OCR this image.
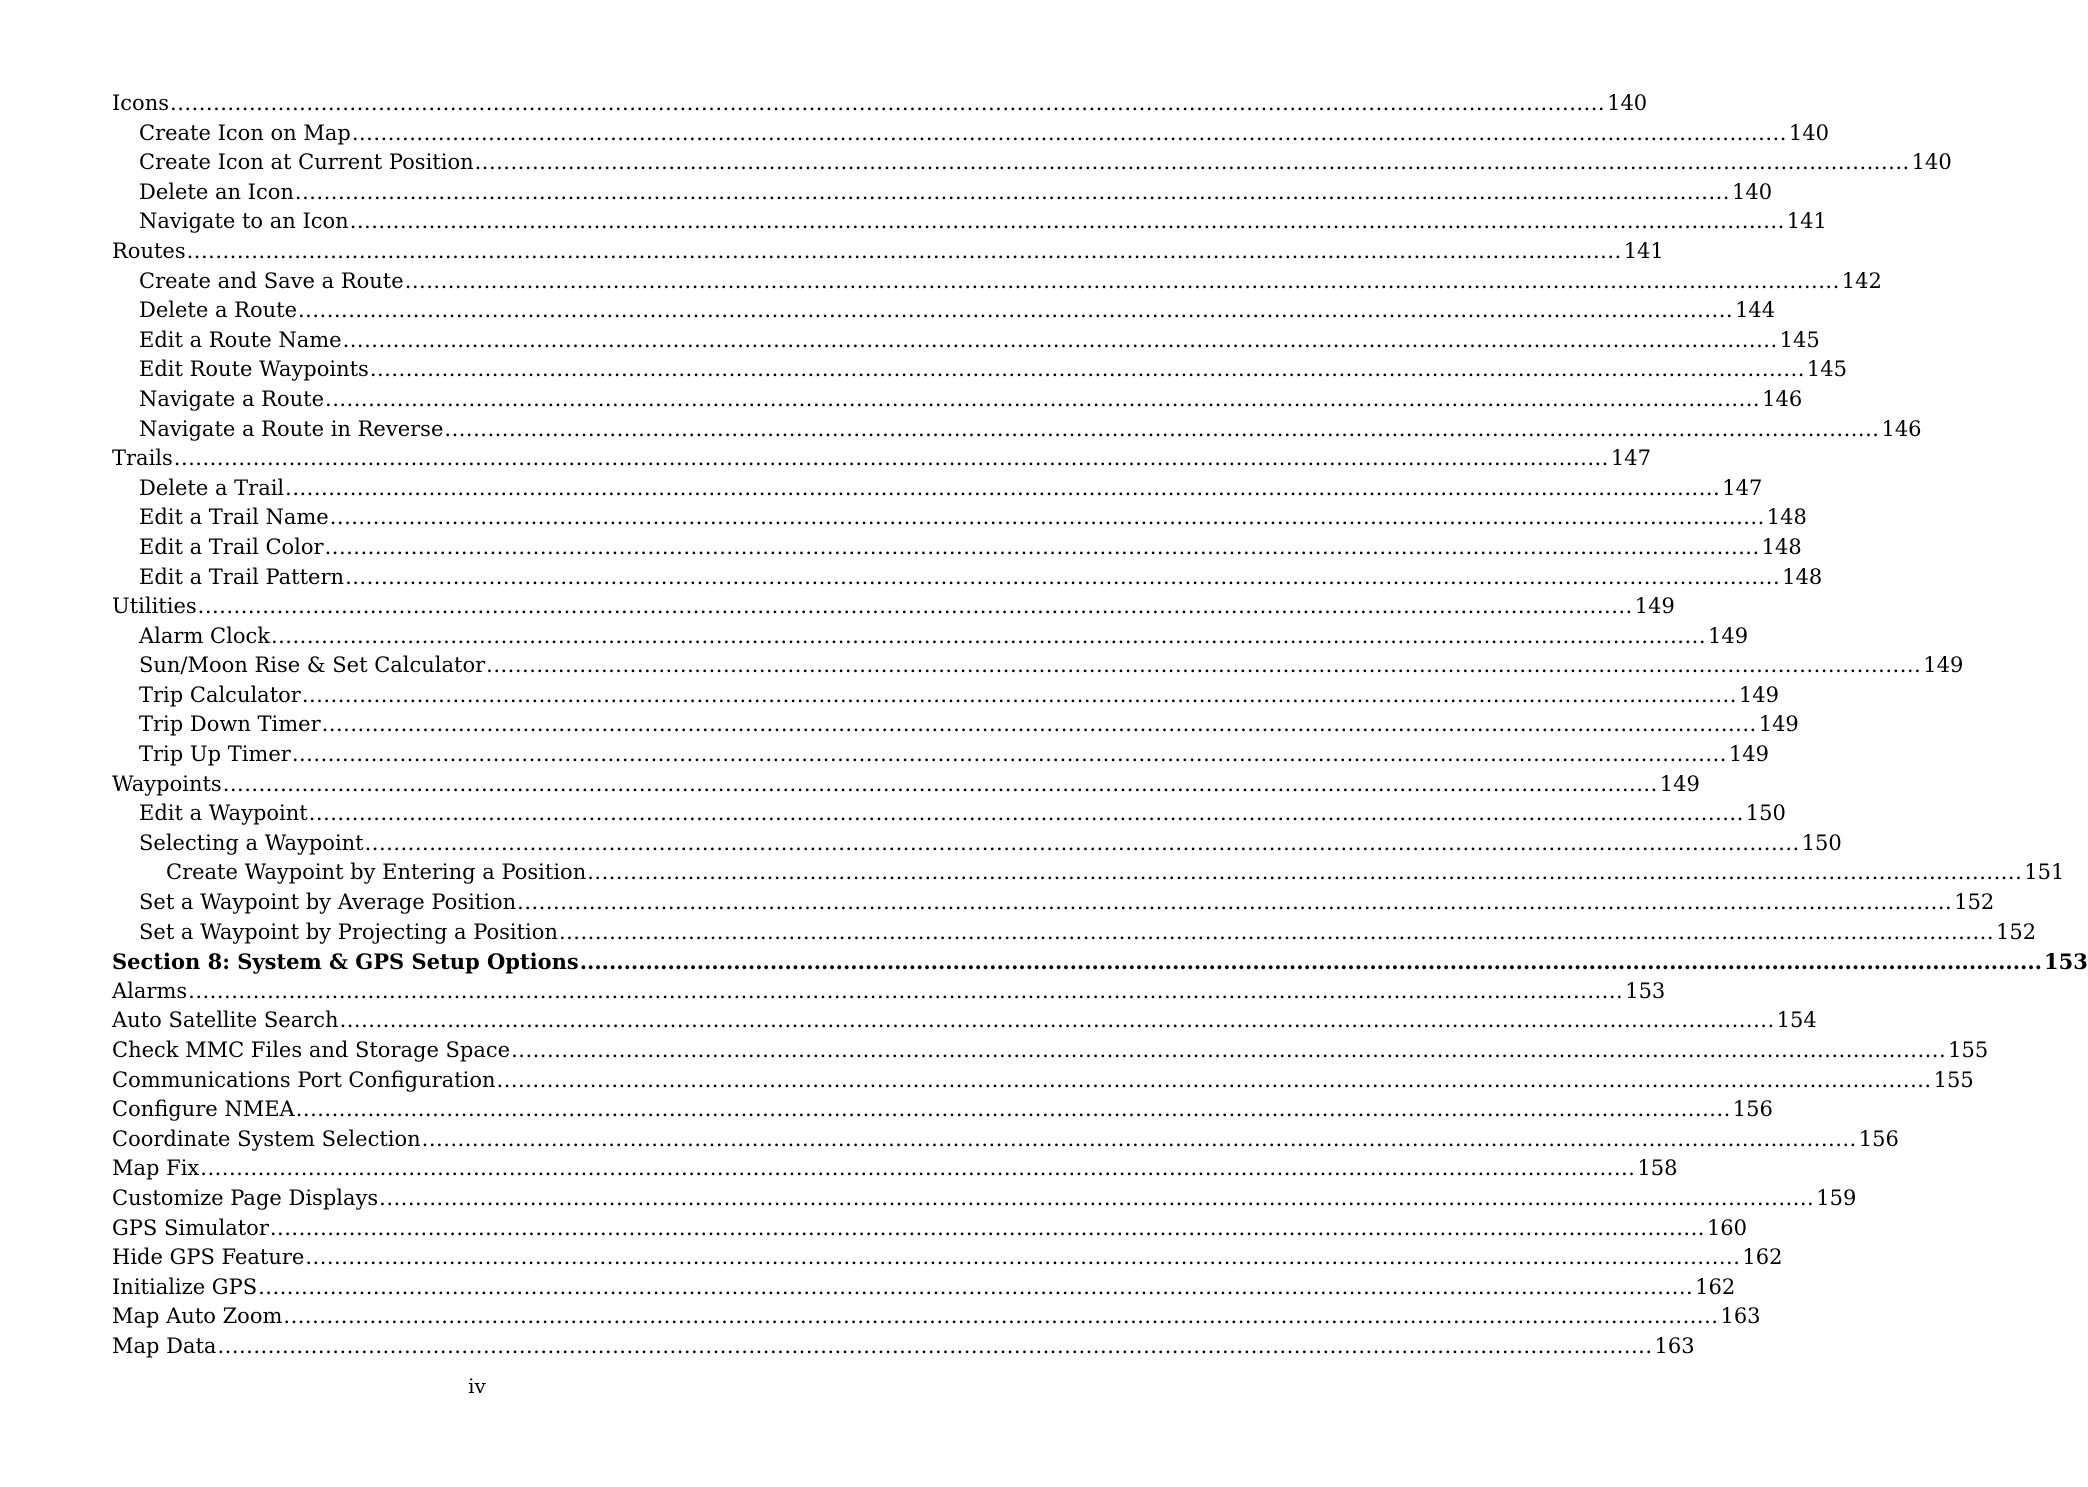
Icons ........................................................................................................................................................................................................ 140
Create Icon on Map ........................................................................................................................................................................................................ 140
Create Icon at Current Position ........................................................................................................................................................................................................ 140
Delete an Icon ........................................................................................................................................................................................................ 140
Navigate to an Icon ........................................................................................................................................................................................................ 141
Routes ........................................................................................................................................................................................................ 141
Create and Save a Route ........................................................................................................................................................................................................ 142
Delete a Route ........................................................................................................................................................................................................ 144
Edit a Route Name ........................................................................................................................................................................................................ 145
Edit Route Waypoints ........................................................................................................................................................................................................ 145
Navigate a Route ........................................................................................................................................................................................................ 146
Navigate a Route in Reverse ........................................................................................................................................................................................................ 146
Trails ........................................................................................................................................................................................................ 147
Delete a Trail ........................................................................................................................................................................................................ 147
Edit a Trail Name ........................................................................................................................................................................................................ 148
Edit a Trail Color ........................................................................................................................................................................................................ 148
Edit a Trail Pattern ........................................................................................................................................................................................................ 148
Utilities ........................................................................................................................................................................................................ 149
Alarm Clock ........................................................................................................................................................................................................ 149
Sun/Moon Rise & Set Calculator ........................................................................................................................................................................................................ 149
Trip Calculator ........................................................................................................................................................................................................ 149
Trip Down Timer ........................................................................................................................................................................................................ 149
Trip Up Timer ........................................................................................................................................................................................................ 149
Waypoints ........................................................................................................................................................................................................ 149
Edit a Waypoint ........................................................................................................................................................................................................ 150
Selecting a Waypoint ........................................................................................................................................................................................................ 150
Create Waypoint by Entering a Position ........................................................................................................................................................................................................ 151
Set a Waypoint by Average Position ........................................................................................................................................................................................................ 152
Set a Waypoint by Projecting a Position ........................................................................................................................................................................................................ 152
Section 8: System & GPS Setup Options ........................................................................................................................................................................................................ 153
Alarms ........................................................................................................................................................................................................ 153
Auto Satellite Search ........................................................................................................................................................................................................ 154
Check MMC Files and Storage Space ........................................................................................................................................................................................................ 155
Communications Port Configuration ........................................................................................................................................................................................................ 155
Configure NMEA ........................................................................................................................................................................................................ 156
Coordinate System Selection ........................................................................................................................................................................................................ 156
Map Fix ........................................................................................................................................................................................................ 158
Customize Page Displays ........................................................................................................................................................................................................ 159
GPS Simulator ........................................................................................................................................................................................................ 160
Hide GPS Feature ........................................................................................................................................................................................................ 162
Initialize GPS ........................................................................................................................................................................................................ 162
Map Auto Zoom ........................................................................................................................................................................................................ 163
Map Data ........................................................................................................................................................................................................ 163
iv
